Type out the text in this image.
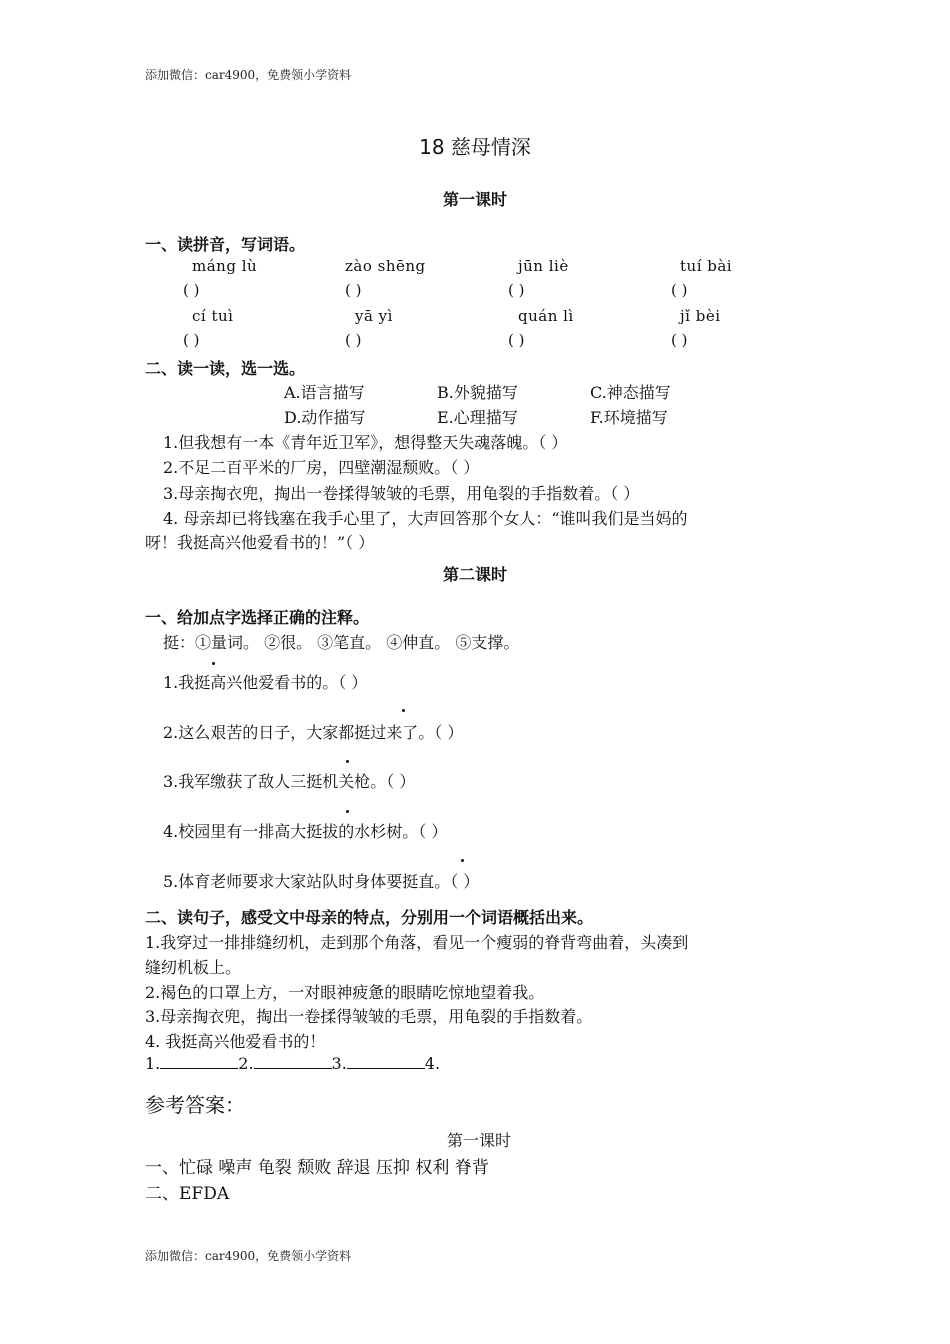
添加微信：car4900，免费领小学资料
18 慈母情深
第一课时
一、读拼音，写词语。
máng lù	zào shēng	jūn liè	tuí bài
( )	( )	( )	( )
cí tuì	yā yì	quán lì	jǐ bèi
( )	( )	( )	( )
二、读一读，选一选。
A.语言描写	B.外貌描写	C.神态描写
D.动作描写	E.心理描写	F.环境描写
1.但我想有一本《青年近卫军》，想得整天失魂落魄。（ ）
2.不足二百平米的厂房，四壁潮湿颓败。（ ）
3.母亲掏衣兜，掏出一卷揉得皱皱的毛票，用龟裂的手指数着。（ ）
4. 母亲却已将钱塞在我手心里了，大声回答那个女人：“谁叫我们是当妈的
呀！我挺高兴他爱看书的！”（ ）
第二课时
一、给加点字选择正确的注释。
挺：①量词。 ②很。 ③笔直。 ④伸直。 ⑤支撑。
1.我挺高兴他爱看书的。（ ）
2.这么艰苦的日子，大家都挺过来了。（ ）
3.我军缴获了敌人三挺机关枪。（ ）
4.校园里有一排高大挺拔的水杉树。（ ）
5.体育老师要求大家站队时身体要挺直。（ ）
二、读句子，感受文中母亲的特点，分别用一个词语概括出来。
1.我穿过一排排缝纫机，走到那个角落，看见一个瘦弱的脊背弯曲着，头凑到
缝纫机板上。
2.褐色的口罩上方，一对眼神疲惫的眼睛吃惊地望着我。
3.母亲掏衣兜，掏出一卷揉得皱皱的毛票，用龟裂的手指数着。
4. 我挺高兴他爱看书的！
1.	2.	3.	4.
参考答案：
第一课时
一、忙碌 噪声 龟裂 颓败 辞退 压抑 权利 脊背
二、EFDA
添加微信：car4900，免费领小学资料
